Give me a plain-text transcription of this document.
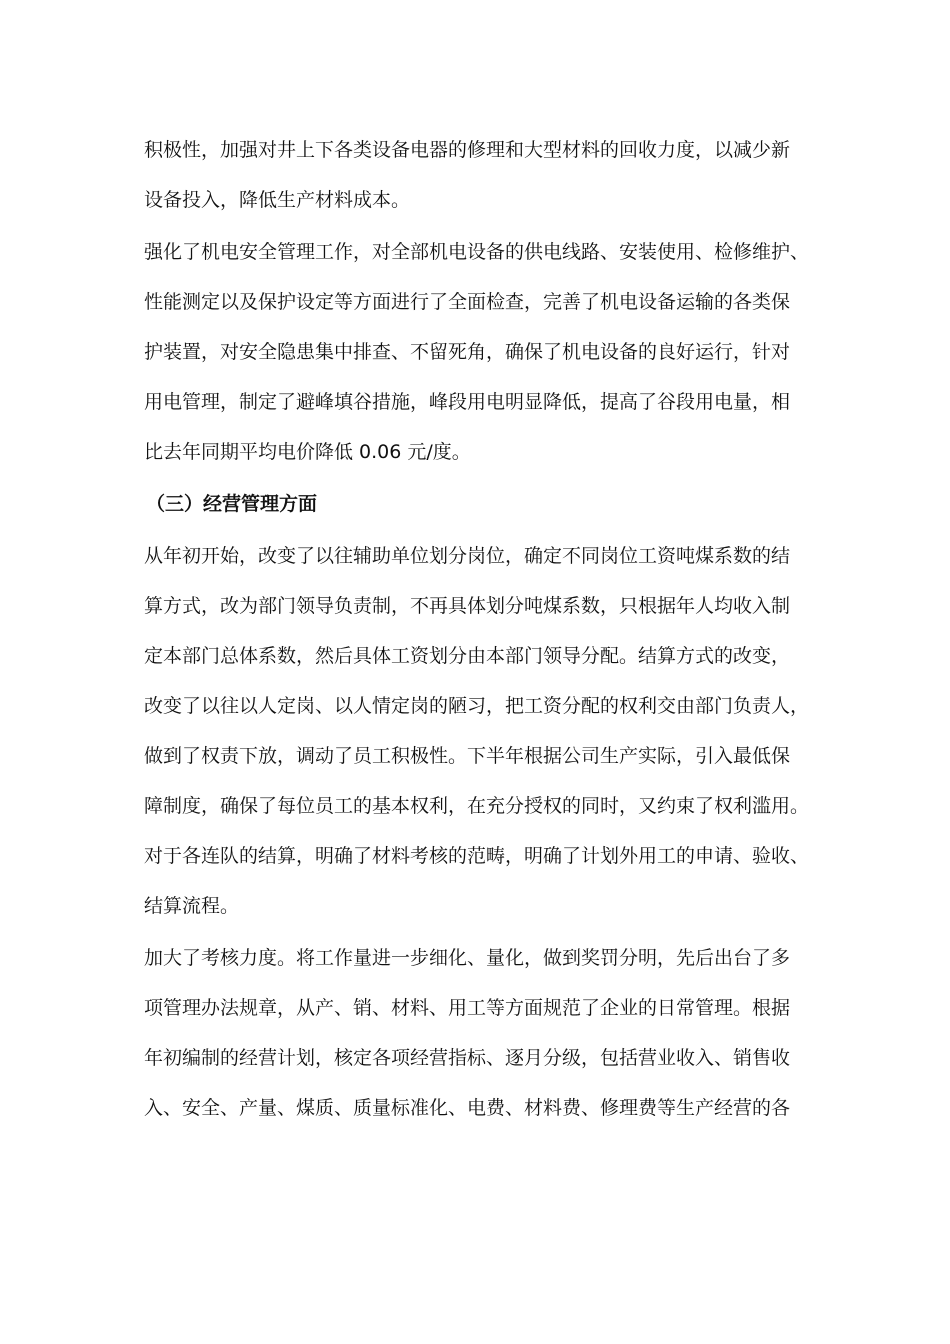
积极性，加强对井上下各类设备电器的修理和大型材料的回收力度，以减少新
设备投入，降低生产材料成本。
强化了机电安全管理工作，对全部机电设备的供电线路、安装使用、检修维护、
性能测定以及保护设定等方面进行了全面检查，完善了机电设备运输的各类保
护装置，对安全隐患集中排查、不留死角，确保了机电设备的良好运行，针对
用电管理，制定了避峰填谷措施，峰段用电明显降低，提高了谷段用电量，相
比去年同期平均电价降低 0.06 元/度。
（三）经营管理方面
从年初开始，改变了以往辅助单位划分岗位，确定不同岗位工资吨煤系数的结
算方式，改为部门领导负责制，不再具体划分吨煤系数，只根据年人均收入制
定本部门总体系数，然后具体工资划分由本部门领导分配。结算方式的改变，
改变了以往以人定岗、以人情定岗的陋习，把工资分配的权利交由部门负责人，
做到了权责下放，调动了员工积极性。下半年根据公司生产实际，引入最低保
障制度，确保了每位员工的基本权利，在充分授权的同时，又约束了权利滥用。
对于各连队的结算，明确了材料考核的范畴，明确了计划外用工的申请、验收、
结算流程。
加大了考核力度。将工作量进一步细化、量化，做到奖罚分明，先后出台了多
项管理办法规章，从产、销、材料、用工等方面规范了企业的日常管理。根据
年初编制的经营计划，核定各项经营指标、逐月分级，包括营业收入、销售收
入、安全、产量、煤质、质量标准化、电费、材料费、修理费等生产经营的各
